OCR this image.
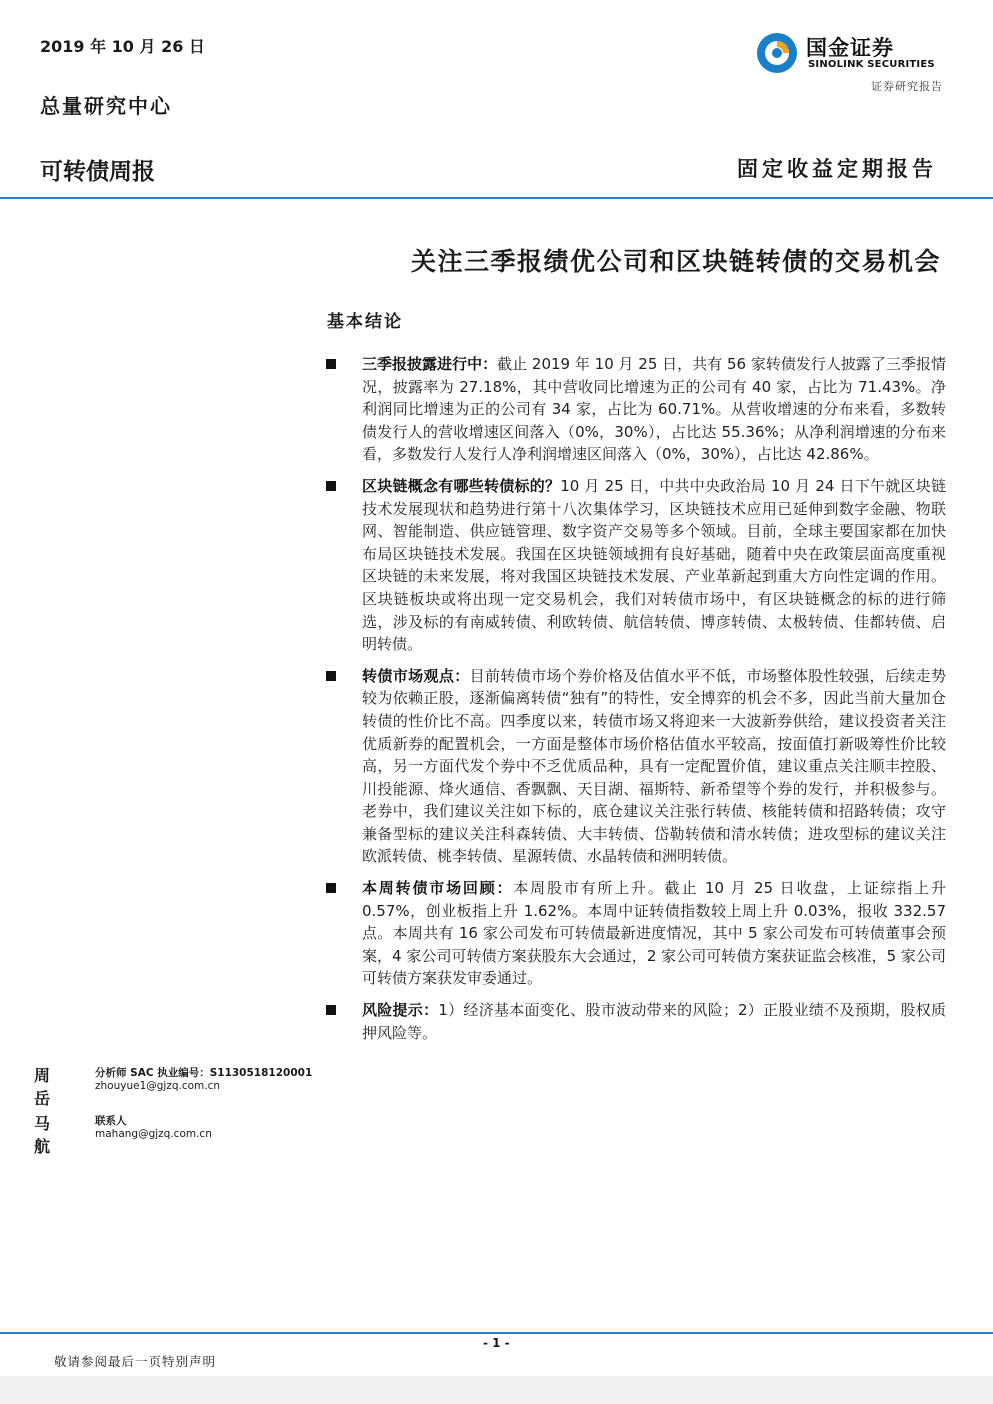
2019 年 10 月 26 日
总量研究中心
可转债周报	固定收益定期报告
国金证券
SINOLINK SECURITIES
证券研究报告
关注三季报绩优公司和区块链转债的交易机会
基本结论
三季报披露进行中：截止 2019 年 10 月 25 日，共有 56 家转债发行人披露了三季报情况，披露率为 27.18%，其中营收同比增速为正的公司有 40 家，占比为 71.43%。净利润同比增速为正的公司有 34 家，占比为 60.71%。从营收增速的分布来看，多数转债发行人的营收增速区间落入（0%，30%），占比达 55.36%；从净利润增速的分布来看，多数发行人发行人净利润增速区间落入（0%，30%），占比达 42.86%。
区块链概念有哪些转债标的？10 月 25 日，中共中央政治局 10 月 24 日下午就区块链技术发展现状和趋势进行第十八次集体学习，区块链技术应用已延伸到数字金融、物联网、智能制造、供应链管理、数字资产交易等多个领域。目前，全球主要国家都在加快布局区块链技术发展。我国在区块链领域拥有良好基础，随着中央在政策层面高度重视区块链的未来发展，将对我国区块链技术发展、产业革新起到重大方向性定调的作用。区块链板块或将出现一定交易机会，我们对转债市场中，有区块链概念的标的进行筛选，涉及标的有南威转债、利欧转债、航信转债、博彦转债、太极转债、佳都转债、启明转债。
转债市场观点：目前转债市场个券价格及估值水平不低，市场整体股性较强，后续走势较为依赖正股，逐渐偏离转债“独有”的特性，安全博弈的机会不多，因此当前大量加仓转债的性价比不高。四季度以来，转债市场又将迎来一大波新券供给，建议投资者关注优质新券的配置机会，一方面是整体市场价格估值水平较高，按面值打新吸筹性价比较高，另一方面代发个券中不乏优质品种，具有一定配置价值，建议重点关注顺丰控股、川投能源、烽火通信、香飘飘、天目湖、福斯特、新希望等个券的发行，并积极参与。老券中，我们建议关注如下标的，底仓建议关注张行转债、核能转债和招路转债；攻守兼备型标的建议关注科森转债、大丰转债、岱勒转债和清水转债；进攻型标的建议关注欧派转债、桃李转债、星源转债、水晶转债和洲明转债。
本周转债市场回顾：本周股市有所上升。截止 10 月 25 日收盘，上证综指上升 0.57%，创业板指上升 1.62%。本周中证转债指数较上周上升 0.03%，报收 332.57 点。本周共有 16 家公司发布可转债最新进度情况，其中 5 家公司发布可转债董事会预案，4 家公司可转债方案获股东大会通过，2 家公司可转债方案获证监会核准，5 家公司可转债方案获发审委通过。
风险提示：1）经济基本面变化、股市波动带来的风险；2）正股业绩不及预期，股权质押风险等。
周岳
分析师 SAC 执业编号：S1130518120001
zhouyue1@gjzq.com.cn
马航
联系人
mahang@gjzq.com.cn
- 1 -
敬请参阅最后一页特别声明
